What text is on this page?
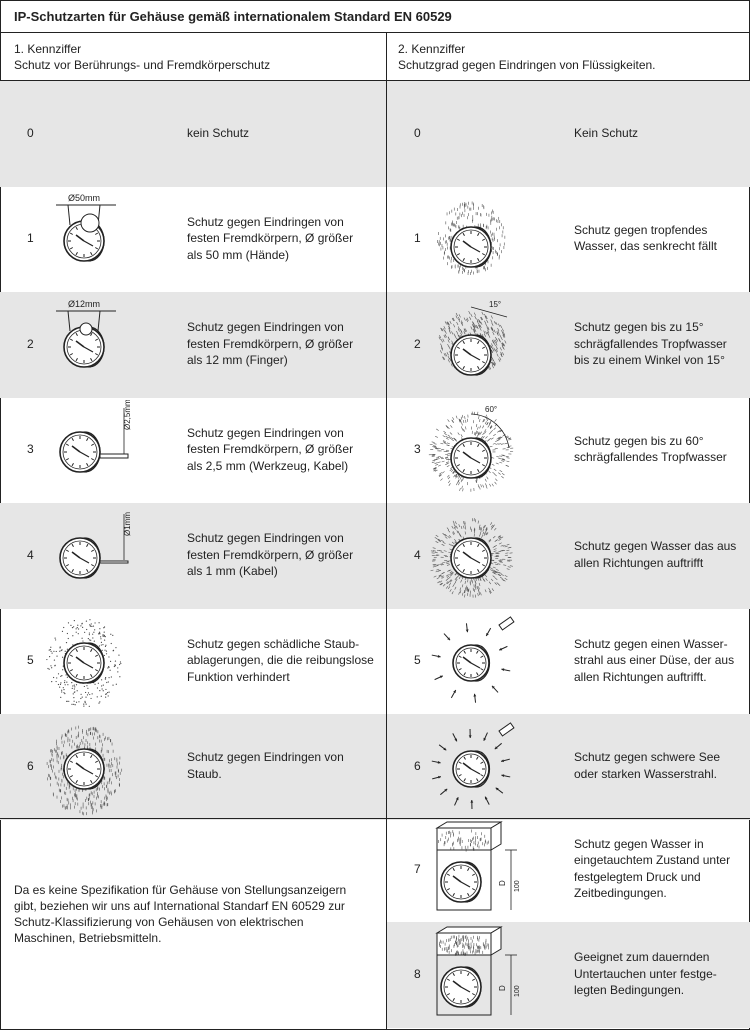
IP-Schutzarten für Gehäuse gemäß internationalem Standard EN 60529
1. Kennziffer
Schutz vor Berührungs- und Fremdkörperschutz
2. Kennziffer
Schutzgrad gegen Eindringen von Flüssigkeiten.
0	kein Schutz
1
Ø50mm
Schutz gegen Eindringen von
festen Fremdkörpern, Ø größer
als 50 mm (Hände)
2
Ø12mm
Schutz gegen Eindringen von
festen Fremdkörpern, Ø größer
als 12 mm (Finger)
3
Ø2,5mm
Schutz gegen Eindringen von
festen Fremdkörpern, Ø größer
als 2,5 mm (Werkzeug, Kabel)
4
Ø1mm
Schutz gegen Eindringen von
festen Fremdkörpern, Ø größer
als 1 mm (Kabel)
5
Schutz gegen schädliche Staub-
ablagerungen, die die reibungslose
Funktion verhindert
6
Schutz gegen Eindringen von
Staub.
0	Kein Schutz
1
Schutz gegen tropfendes
Wasser, das senkrecht fällt
2
15°
Schutz gegen bis zu 15°
schrägfallendes Tropfwasser
bis zu einem Winkel von 15°
3
60°
Schutz gegen bis zu 60°
schrägfallendes Tropfwasser
4
Schutz gegen Wasser das aus
allen Richtungen auftrifft
5
Schutz gegen einen Wasser-
strahl aus einer Düse, der aus
allen Richtungen auftrifft.
6
Schutz gegen schwere See
oder starken Wasserstrahl.
7
D 100
Schutz gegen Wasser in
eingetauchtem Zustand unter
festgelegtem Druck und
Zeitbedingungen.
8
D 100
Geeignet zum dauernden
Untertauchen unter festge-
legten Bedingungen.
Da es keine Spezifikation für Gehäuse von Stellungsanzeigern
gibt, beziehen wir uns auf International Standarf EN 60529 zur
Schutz-Klassifizierung von Gehäusen von elektrischen
Maschinen, Betriebsmitteln.
